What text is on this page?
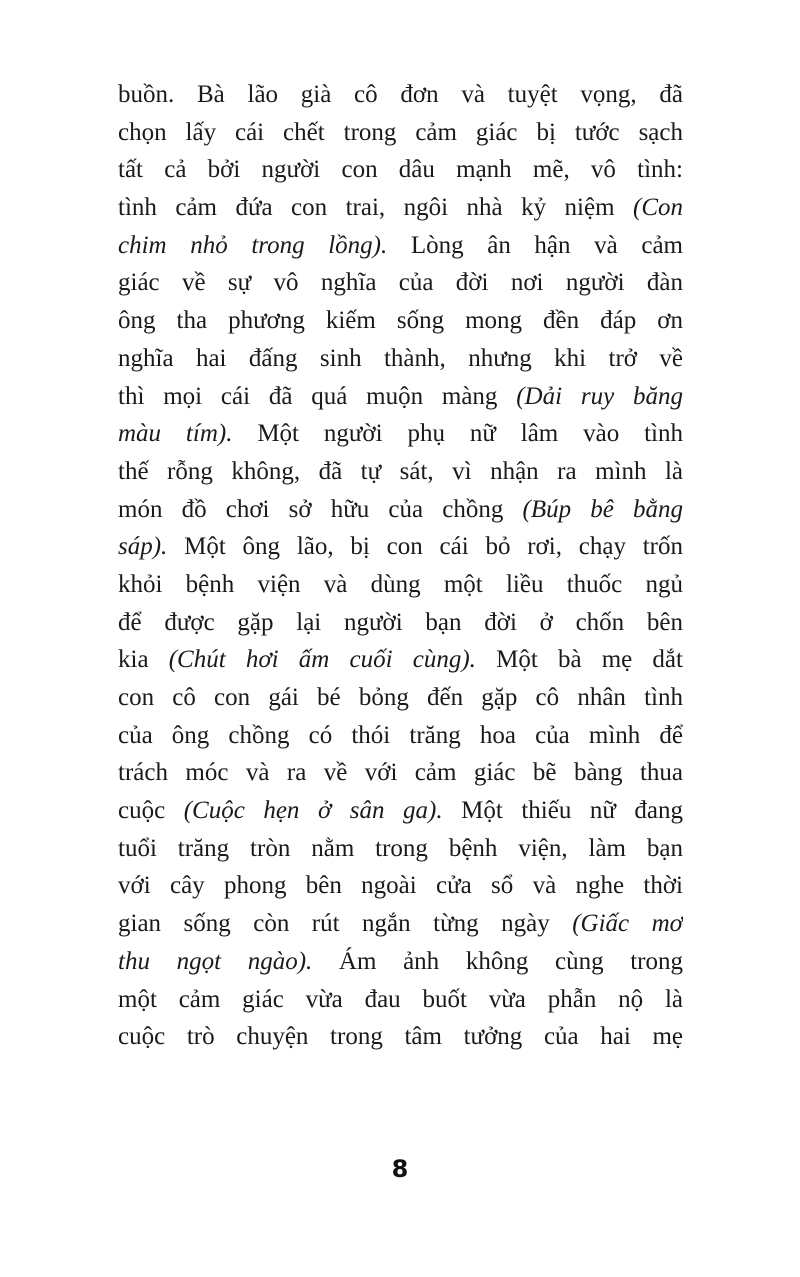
buồn. Bà lão già cô đơn và tuyệt vọng, đã
chọn lấy cái chết trong cảm giác bị tước sạch
tất cả bởi người con dâu mạnh mẽ, vô tình:
tình cảm đứa con trai, ngôi nhà kỷ niệm (Con
chim nhỏ trong lồng). Lòng ân hận và cảm
giác về sự vô nghĩa của đời nơi người đàn
ông tha phương kiếm sống mong đền đáp ơn
nghĩa hai đấng sinh thành, nhưng khi trở về
thì mọi cái đã quá muộn màng (Dải ruy băng
màu tím). Một người phụ nữ lâm vào tình
thế rỗng không, đã tự sát, vì nhận ra mình là
món đồ chơi sở hữu của chồng (Búp bê bằng
sáp). Một ông lão, bị con cái bỏ rơi, chạy trốn
khỏi bệnh viện và dùng một liều thuốc ngủ
để được gặp lại người bạn đời ở chốn bên
kia (Chút hơi ấm cuối cùng). Một bà mẹ dắt
con cô con gái bé bỏng đến gặp cô nhân tình
của ông chồng có thói trăng hoa của mình để
trách móc và ra về với cảm giác bẽ bàng thua
cuộc (Cuộc hẹn ở sân ga). Một thiếu nữ đang
tuổi trăng tròn nằm trong bệnh viện, làm bạn
với cây phong bên ngoài cửa sổ và nghe thời
gian sống còn rút ngắn từng ngày (Giấc mơ
thu ngọt ngào). Ám ảnh không cùng trong
một cảm giác vừa đau buốt vừa phẫn nộ là
cuộc trò chuyện trong tâm tưởng của hai mẹ
8
